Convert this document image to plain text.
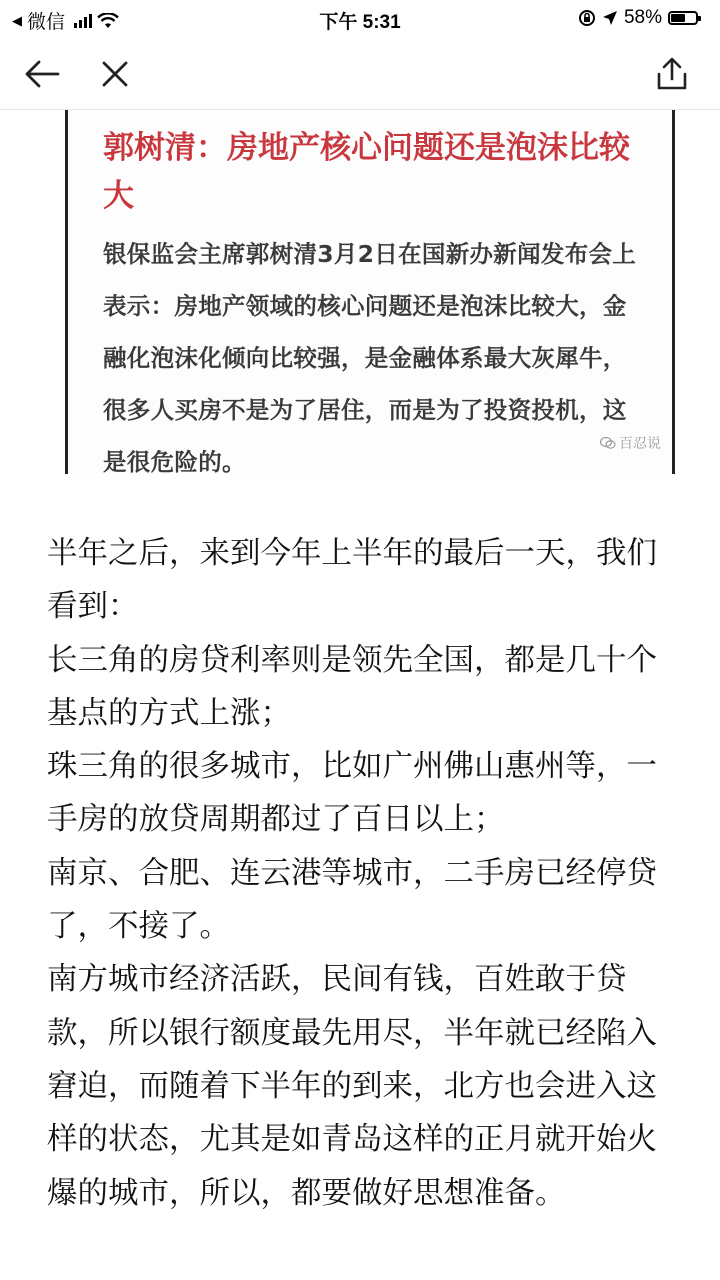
◀ 微信	下午 5:31	58%
郭树清：房地产核心问题还是泡沫比较大
银保监会主席郭树清3月2日在国新办新闻发布会上表示：房地产领域的核心问题还是泡沫比较大，金融化泡沫化倾向比较强，是金融体系最大灰犀牛，很多人买房不是为了居住，而是为了投资投机，这是很危险的。
百忍说

半年之后，来到今年上半年的最后一天，我们看到：

长三角的房贷利率则是领先全国，都是几十个基点的方式上涨；

珠三角的很多城市，比如广州佛山惠州等，一手房的放贷周期都过了百日以上；

南京、合肥、连云港等城市，二手房已经停贷了，不接了。

南方城市经济活跃，民间有钱，百姓敢于贷款，所以银行额度最先用尽，半年就已经陷入窘迫，而随着下半年的到来，北方也会进入这样的状态，尤其是如青岛这样的正月就开始火爆的城市，所以，都要做好思想准备。
